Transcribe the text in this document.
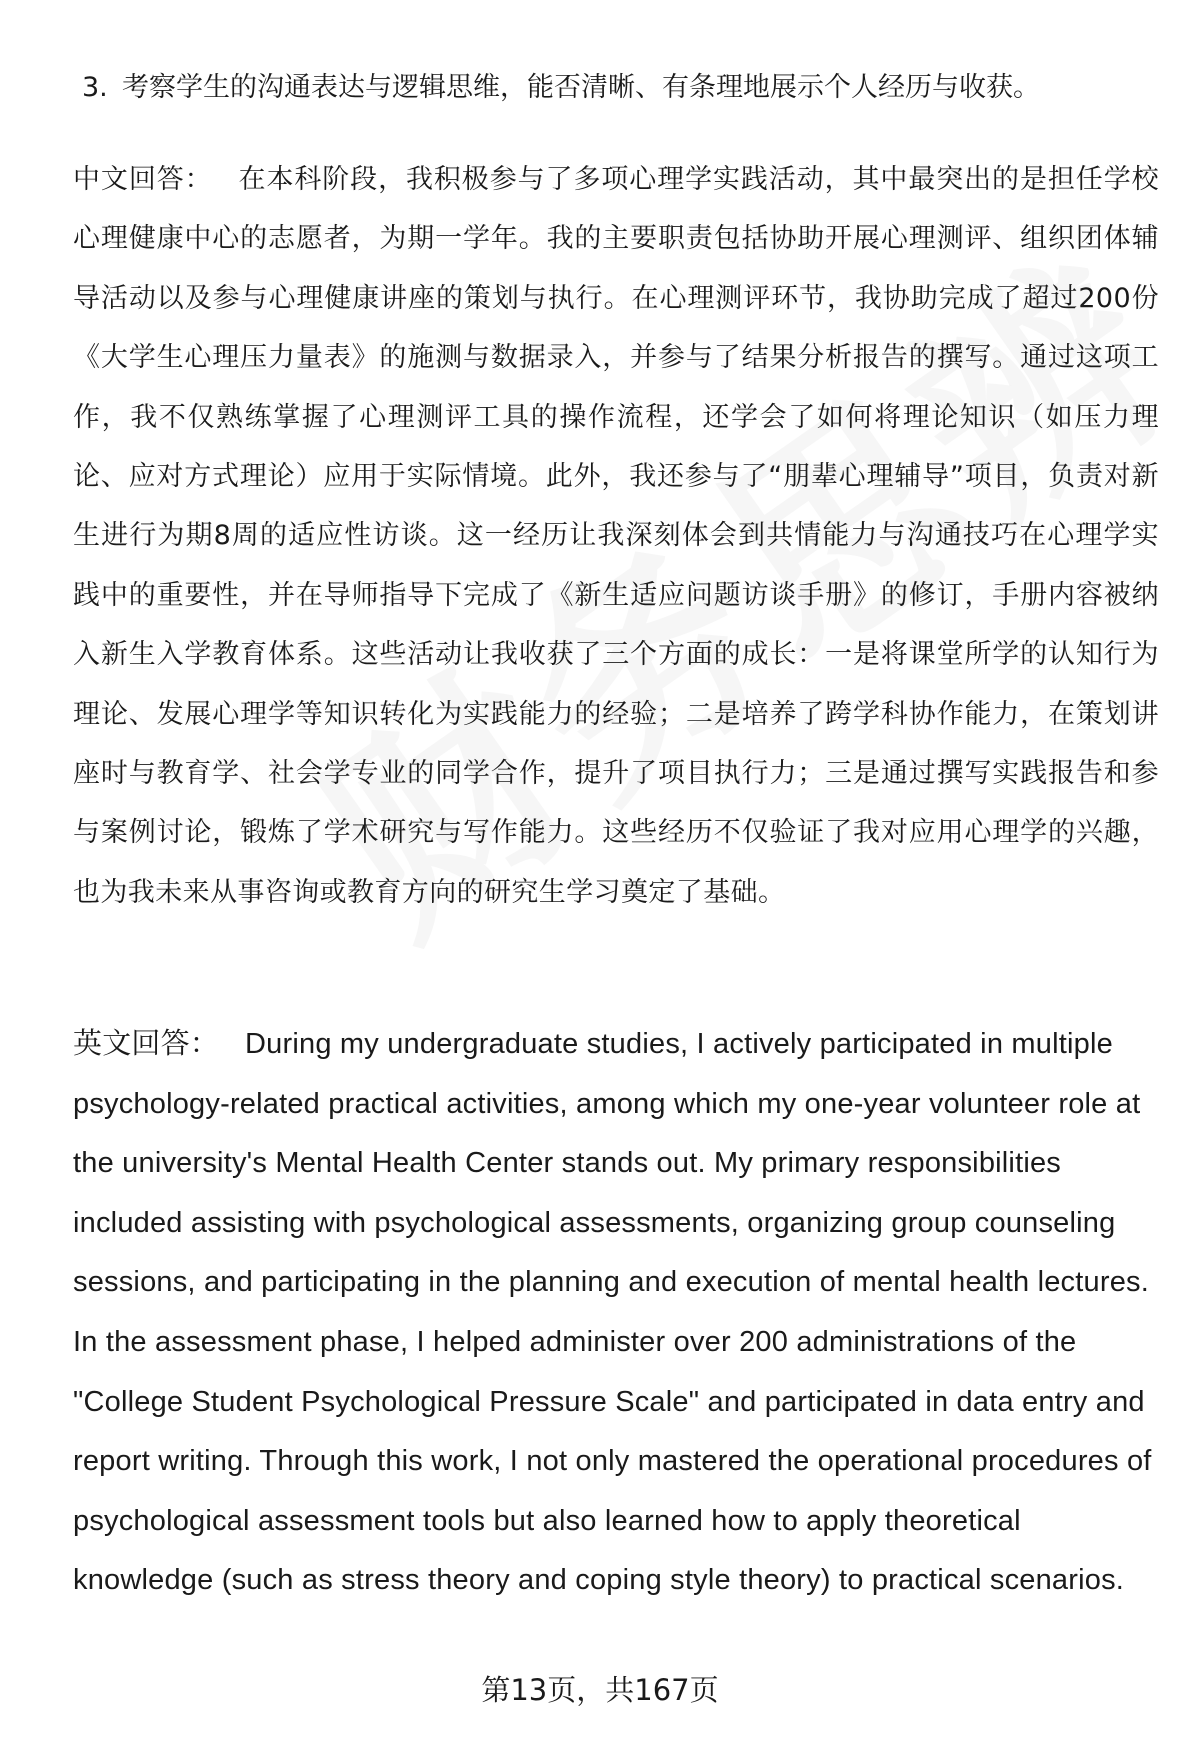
3. 考察学生的沟通表达与逻辑思维，能否清晰、有条理地展示个人经历与收获。
中文回答： 在本科阶段，我积极参与了多项心理学实践活动，其中最突出的是担任学校心理健康中心的志愿者，为期一学年。我的主要职责包括协助开展心理测评、组织团体辅导活动以及参与心理健康讲座的策划与执行。在心理测评环节，我协助完成了超过200份《大学生心理压力量表》的施测与数据录入，并参与了结果分析报告的撰写。通过这项工作，我不仅熟练掌握了心理测评工具的操作流程，还学会了如何将理论知识（如压力理论、应对方式理论）应用于实际情境。此外，我还参与了“朋辈心理辅导”项目，负责对新生进行为期8周的适应性访谈。这一经历让我深刻体会到共情能力与沟通技巧在心理学实践中的重要性，并在导师指导下完成了《新生适应问题访谈手册》的修订，手册内容被纳入新生入学教育体系。这些活动让我收获了三个方面的成长：一是将课堂所学的认知行为理论、发展心理学等知识转化为实践能力的经验；二是培养了跨学科协作能力，在策划讲座时与教育学、社会学专业的同学合作，提升了项目执行力；三是通过撰写实践报告和参与案例讨论，锻炼了学术研究与写作能力。这些经历不仅验证了我对应用心理学的兴趣，也为我未来从事咨询或教育方向的研究生学习奠定了基础。
英文回答： During my undergraduate studies, I actively participated in multiple psychology-related practical activities, among which my one-year volunteer role at the university's Mental Health Center stands out. My primary responsibilities included assisting with psychological assessments, organizing group counseling sessions, and participating in the planning and execution of mental health lectures. In the assessment phase, I helped administer over 200 administrations of the "College Student Psychological Pressure Scale" and participated in data entry and report writing. Through this work, I not only mastered the operational procedures of psychological assessment tools but also learned how to apply theoretical knowledge (such as stress theory and coping style theory) to practical scenarios.
第13页，共167页
